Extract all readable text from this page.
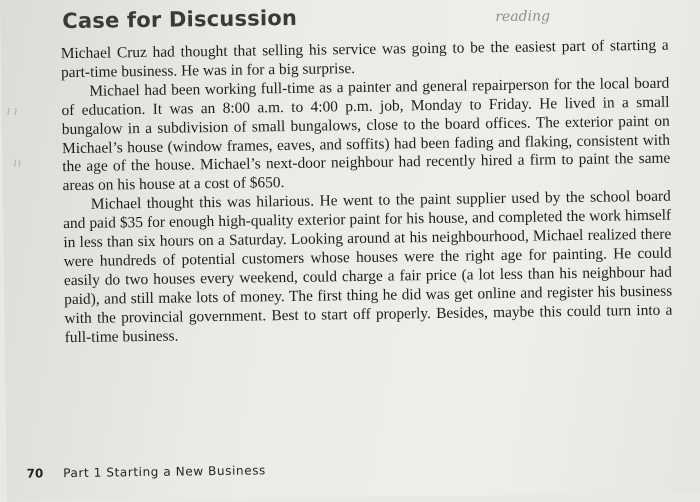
Case for Discussion	reading
⌇ ⌇
⌇⌇

Michael Cruz had thought that selling his service was going to be the easiest part of starting a part-time business. He was in for a big surprise.

Michael had been working full-time as a painter and general repairperson for the local board of education. It was an 8:00 a.m. to 4:00 p.m. job, Monday to Friday. He lived in a small bungalow in a subdivision of small bungalows, close to the board offices. The exterior paint on Michael’s house (window frames, eaves, and soffits) had been fading and flaking, consistent with the age of the house. Michael’s next-door neighbour had recently hired a firm to paint the same areas on his house at a cost of $650.

Michael thought this was hilarious. He went to the paint supplier used by the school board and paid $35 for enough high-quality exterior paint for his house, and completed the work himself in less than six hours on a Saturday. Looking around at his neighbourhood, Michael realized there were hundreds of potential customers whose houses were the right age for painting. He could easily do two houses every weekend, could charge a fair price (a lot less than his neighbour had paid), and still make lots of money. The first thing he did was get online and register his business with the provincial government. Best to start off properly. Besides, maybe this could turn into a full-time business.

70 Part 1 Starting a New Business
